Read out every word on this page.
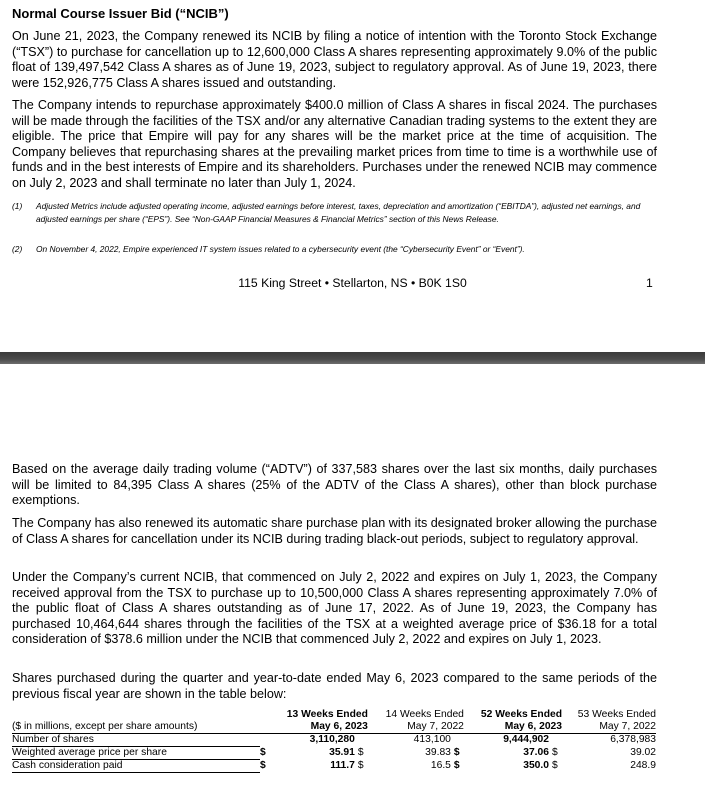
Normal Course Issuer Bid (“NCIB”)

On June 21, 2023, the Company renewed its NCIB by filing a notice of intention with the Toronto Stock Exchange (“TSX”) to purchase for cancellation up to 12,600,000 Class A shares representing approximately 9.0% of the public float of 139,497,542 Class A shares as of June 19, 2023, subject to regulatory approval. As of June 19, 2023, there were 152,926,775 Class A shares issued and outstanding.

The Company intends to repurchase approximately $400.0 million of Class A shares in fiscal 2024. The purchases will be made through the facilities of the TSX and/or any alternative Canadian trading systems to the extent they are eligible. The price that Empire will pay for any shares will be the market price at the time of acquisition. The Company believes that repurchasing shares at the prevailing market prices from time to time is a worthwhile use of funds and in the best interests of Empire and its shareholders. Purchases under the renewed NCIB may commence on July 2, 2023 and shall terminate no later than July 1, 2024.

(1)	Adjusted Metrics include adjusted operating income, adjusted earnings before interest, taxes, depreciation and amortization (“EBITDA”), adjusted net earnings, and adjusted earnings per share (“EPS”). See “Non-GAAP Financial Measures & Financial Metrics” section of this News Release.
(2)	On November 4, 2022, Empire experienced IT system issues related to a cybersecurity event (the “Cybersecurity Event” or “Event”).

115 King Street • Stellarton, NS • B0K 1S0	1

Based on the average daily trading volume (“ADTV”) of 337,583 shares over the last six months, daily purchases will be limited to 84,395 Class A shares (25% of the ADTV of the Class A shares), other than block purchase exemptions.

The Company has also renewed its automatic share purchase plan with its designated broker allowing the purchase of Class A shares for cancellation under its NCIB during trading black-out periods, subject to regulatory approval.

Under the Company’s current NCIB, that commenced on July 2, 2022 and expires on July 1, 2023, the Company received approval from the TSX to purchase up to 10,500,000 Class A shares representing approximately 7.0% of the public float of Class A shares outstanding as of June 17, 2022. As of June 19, 2023, the Company has purchased 10,464,644 shares through the facilities of the TSX at a weighted average price of $36.18 for a total consideration of $378.6 million under the NCIB that commenced July 2, 2022 and expires on July 1, 2023.

Shares purchased during the quarter and year-to-date ended May 6, 2023 compared to the same periods of the previous fiscal year are shown in the table below:

		13 Weeks Ended		14 Weeks Ended		52 Weeks Ended		53 Weeks Ended
($ in millions, except per share amounts)		May 6, 2023		May 7, 2022		May 6, 2023		May 7, 2022
Number of shares		3,110,280		413,100		9,444,902		6,378,983
Weighted average price per share	$	35.91	$	39.83	$	37.06	$	39.02
Cash consideration paid	$	111.7	$	16.5	$	350.0	$	248.9
